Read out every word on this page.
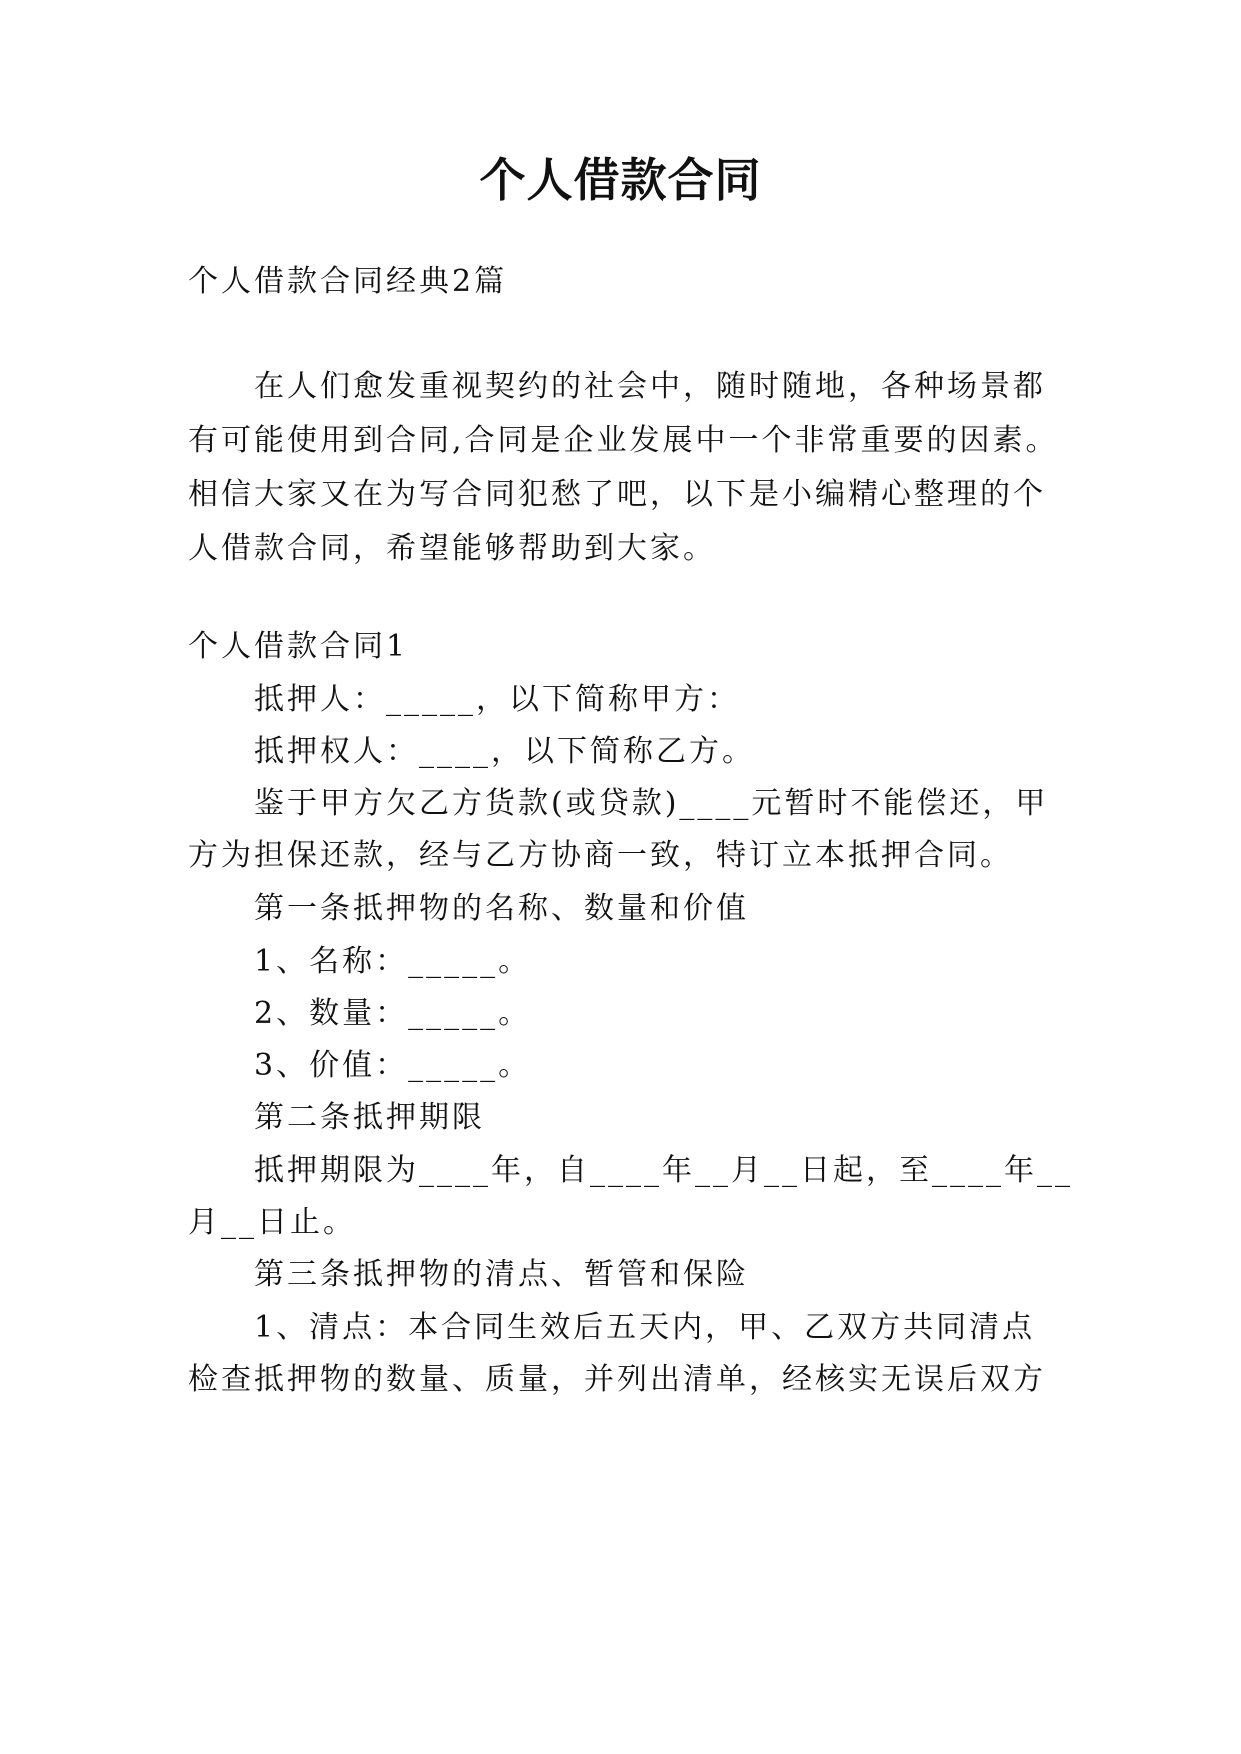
个人借款合同

个人借款合同经典2篇

在人们愈发重视契约的社会中，随时随地，各种场景都

有可能使用到合同,合同是企业发展中一个非常重要的因素。

相信大家又在为写合同犯愁了吧，以下是小编精心整理的个

人借款合同，希望能够帮助到大家。

个人借款合同1

抵押人：_____，以下简称甲方：

抵押权人：____，以下简称乙方。

鉴于甲方欠乙方货款(或贷款)____元暂时不能偿还，甲

方为担保还款，经与乙方协商一致，特订立本抵押合同。

第一条抵押物的名称、数量和价值

1、名称：_____。

2、数量：_____。

3、价值：_____。

第二条抵押期限

抵押期限为____年，自____年__月__日起，至____年__

月__日止。

第三条抵押物的清点、暂管和保险

1、清点：本合同生效后五天内，甲、乙双方共同清点

检查抵押物的数量、质量，并列出清单，经核实无误后双方
